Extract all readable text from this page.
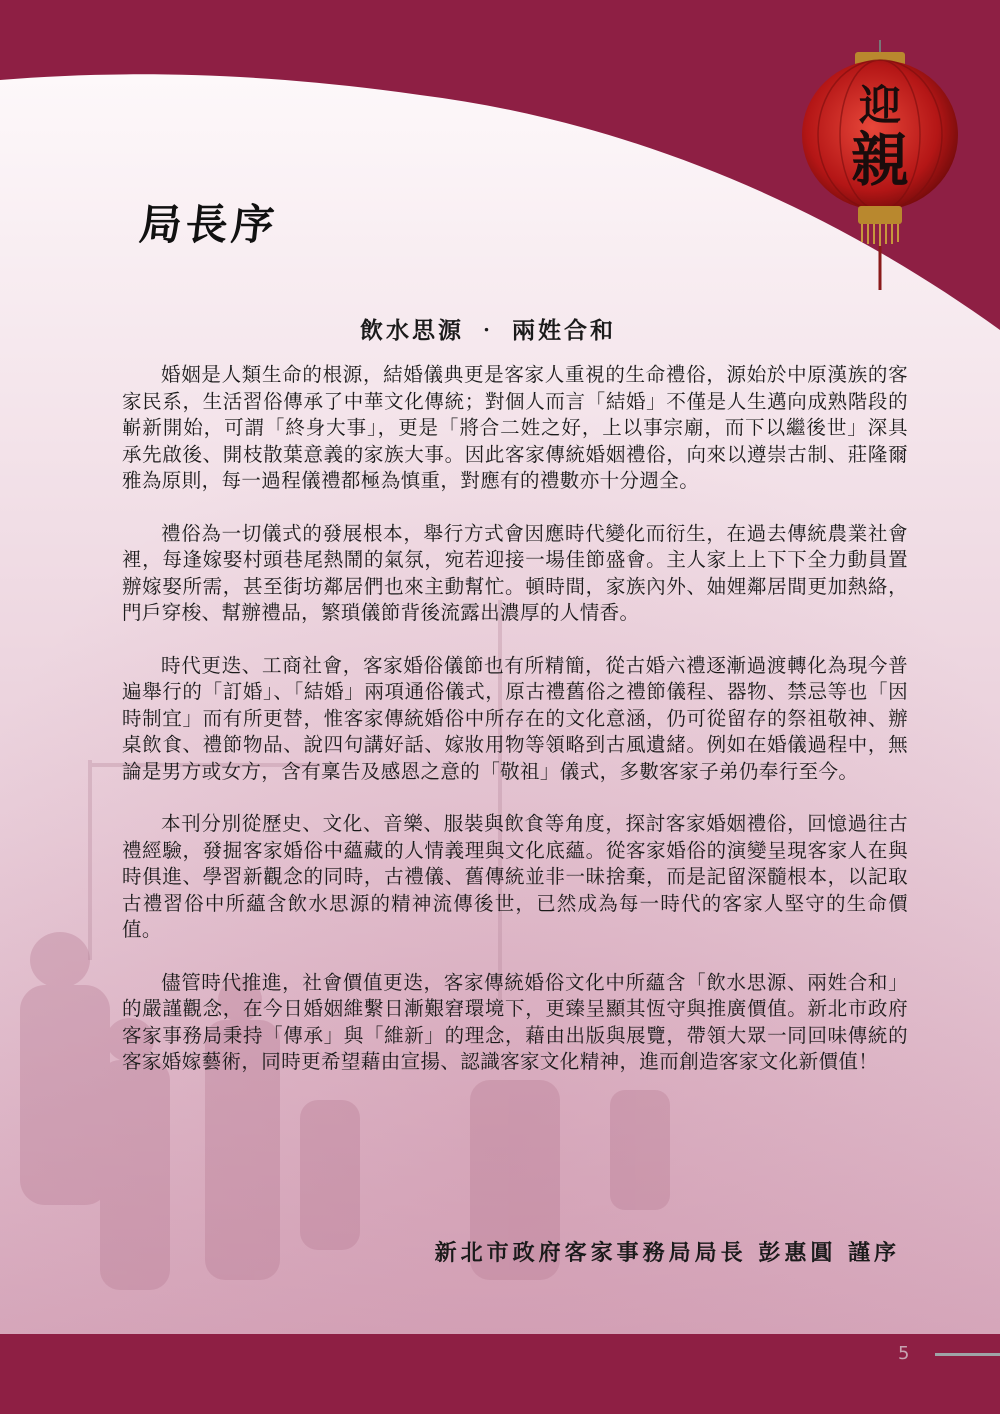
迎
親
局長序
飲水思源 ‧ 兩姓合和

婚姻是人類生命的根源，結婚儀典更是客家人重視的生命禮俗，源始於中原漢族的客家民系，生活習俗傳承了中華文化傳統；對個人而言「結婚」不僅是人生邁向成熟階段的嶄新開始，可謂「終身大事」，更是「將合二姓之好，上以事宗廟，而下以繼後世」深具承先啟後、開枝散葉意義的家族大事。因此客家傳統婚姻禮俗，向來以遵崇古制、莊隆爾雅為原則，每一過程儀禮都極為慎重，對應有的禮數亦十分週全。

禮俗為一切儀式的發展根本，舉行方式會因應時代變化而衍生，在過去傳統農業社會裡，每逢嫁娶村頭巷尾熱鬧的氣氛，宛若迎接一場佳節盛會。主人家上上下下全力動員置辦嫁娶所需，甚至街坊鄰居們也來主動幫忙。頓時間，家族內外、妯娌鄰居間更加熱絡，門戶穿梭、幫辦禮品，繁瑣儀節背後流露出濃厚的人情香。

時代更迭、工商社會，客家婚俗儀節也有所精簡，從古婚六禮逐漸過渡轉化為現今普遍舉行的「訂婚」、「結婚」兩項通俗儀式，原古禮舊俗之禮節儀程、器物、禁忌等也「因時制宜」而有所更替，惟客家傳統婚俗中所存在的文化意涵，仍可從留存的祭祖敬神、辦桌飲食、禮節物品、說四句講好話、嫁妝用物等領略到古風遺緒。例如在婚儀過程中，無論是男方或女方，含有稟告及感恩之意的「敬祖」儀式，多數客家子弟仍奉行至今。

本刊分別從歷史、文化、音樂、服裝與飲食等角度，探討客家婚姻禮俗，回憶過往古禮經驗，發掘客家婚俗中蘊藏的人情義理與文化底蘊。從客家婚俗的演變呈現客家人在與時俱進、學習新觀念的同時，古禮儀、舊傳統並非一昧捨棄，而是記留深髓根本，以記取古禮習俗中所蘊含飲水思源的精神流傳後世，已然成為每一時代的客家人堅守的生命價值。

儘管時代推進，社會價值更迭，客家傳統婚俗文化中所蘊含「飲水思源、兩姓合和」的嚴謹觀念，在今日婚姻維繫日漸艱窘環境下，更臻呈顯其恆守與推廣價值。新北市政府客家事務局秉持「傳承」與「維新」的理念，藉由出版與展覽，帶領大眾一同回味傳統的客家婚嫁藝術，同時更希望藉由宣揚、認識客家文化精神，進而創造客家文化新價值！

新北市政府客家事務局局長 彭惠圓 謹序
5
